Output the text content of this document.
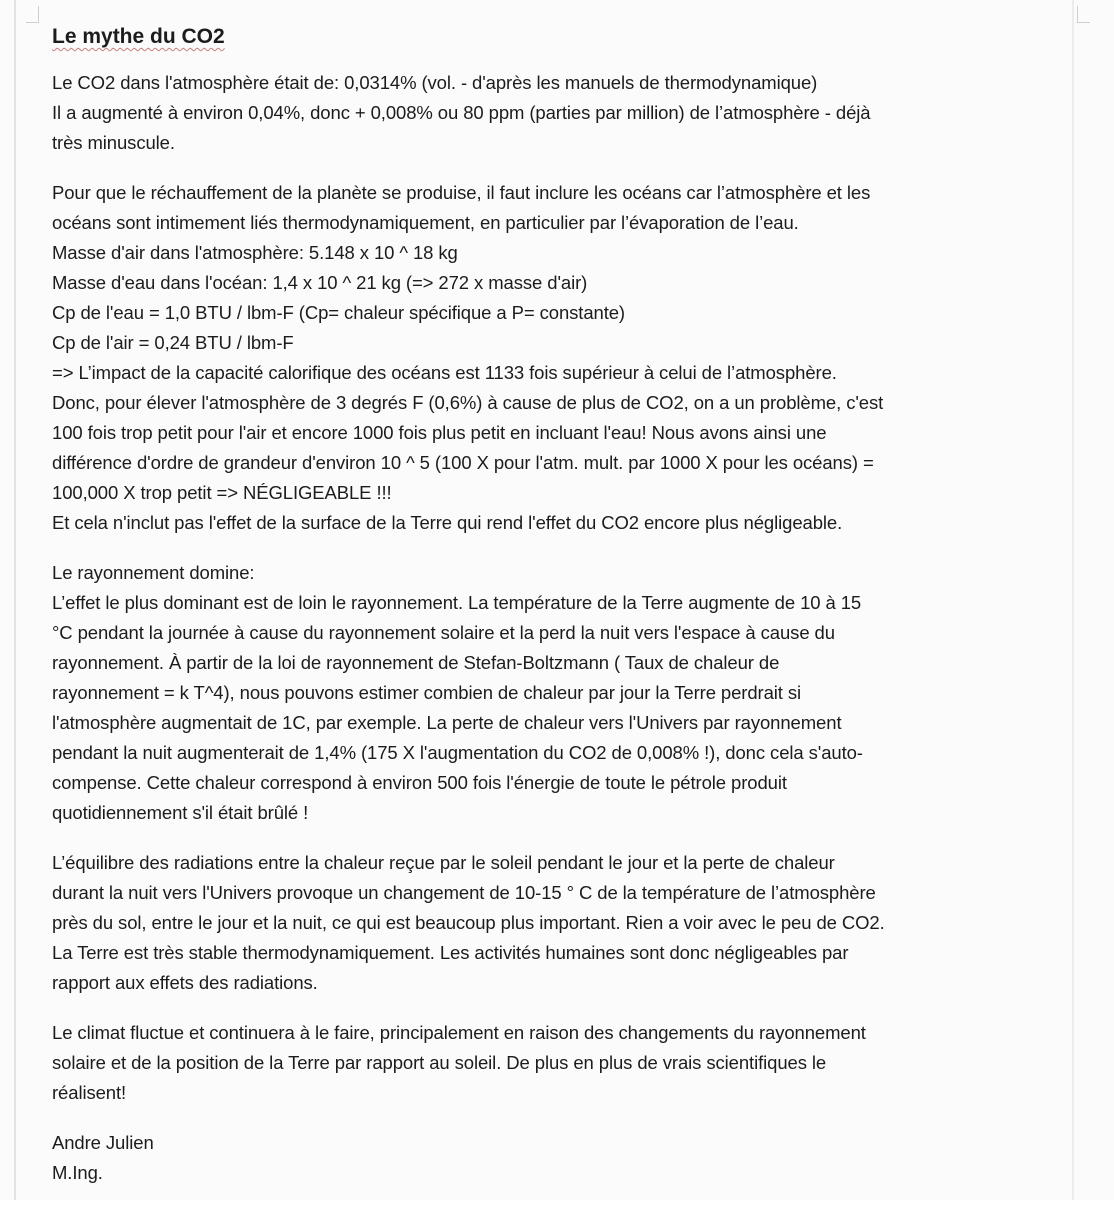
Le mythe du CO2
Le CO2 dans l'atmosphère était de: 0,0314% (vol. - d'après les manuels de thermodynamique)
Il a augmenté à environ 0,04%, donc + 0,008% ou 80 ppm (parties par million) de l’atmosphère - déjà
très minuscule.
Pour que le réchauffement de la planète se produise, il faut inclure les océans car l’atmosphère et les
océans sont intimement liés thermodynamiquement, en particulier par l’évaporation de l’eau.
Masse d'air dans l'atmosphère: 5.148 x 10 ^ 18 kg
Masse d'eau dans l'océan: 1,4 x 10 ^ 21 kg (=> 272 x masse d'air)
Cp de l'eau = 1,0 BTU / lbm-F (Cp= chaleur spécifique a P= constante)
Cp de l'air = 0,24 BTU / lbm-F
=> L’impact de la capacité calorifique des océans est 1133 fois supérieur à celui de l’atmosphère.
Donc, pour élever l'atmosphère de 3 degrés F (0,6%) à cause de plus de CO2, on a un problème, c'est
100 fois trop petit pour l'air et encore 1000 fois plus petit en incluant l'eau! Nous avons ainsi une
différence d'ordre de grandeur d'environ 10 ^ 5 (100 X pour l'atm. mult. par 1000 X pour les océans) =
100,000 X trop petit => NÉGLIGEABLE !!!
Et cela n'inclut pas l'effet de la surface de la Terre qui rend l'effet du CO2 encore plus négligeable.
Le rayonnement domine:
L’effet le plus dominant est de loin le rayonnement. La température de la Terre augmente de 10 à 15
°C pendant la journée à cause du rayonnement solaire et la perd la nuit vers l'espace à cause du
rayonnement. À partir de la loi de rayonnement de Stefan-Boltzmann ( Taux de chaleur de
rayonnement = k T^4), nous pouvons estimer combien de chaleur par jour la Terre perdrait si
l'atmosphère augmentait de 1C, par exemple. La perte de chaleur vers l'Univers par rayonnement
pendant la nuit augmenterait de 1,4% (175 X l'augmentation du CO2 de 0,008% !), donc cela s'auto-
compense. Cette chaleur correspond à environ 500 fois l'énergie de toute le pétrole produit
quotidiennement s'il était brûlé !
L’équilibre des radiations entre la chaleur reçue par le soleil pendant le jour et la perte de chaleur
durant la nuit vers l'Univers provoque un changement de 10-15 ° C de la température de l’atmosphère
près du sol, entre le jour et la nuit, ce qui est beaucoup plus important. Rien a voir avec le peu de CO2.
La Terre est très stable thermodynamiquement. Les activités humaines sont donc négligeables par
rapport aux effets des radiations.
Le climat fluctue et continuera à le faire, principalement en raison des changements du rayonnement
solaire et de la position de la Terre par rapport au soleil. De plus en plus de vrais scientifiques le
réalisent!
Andre Julien
M.Ing.
